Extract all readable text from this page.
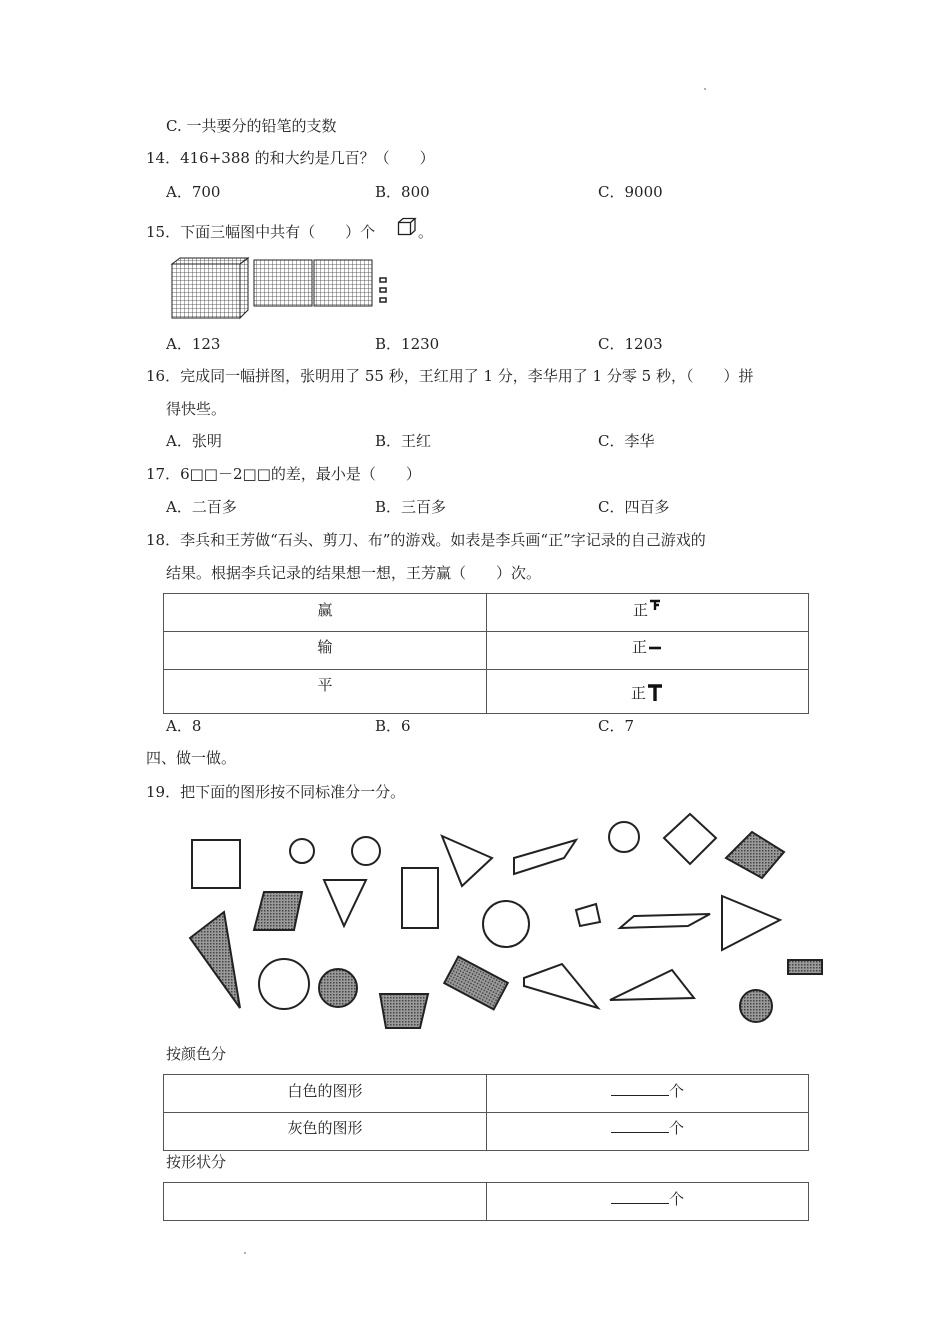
C. 一共要分的铅笔的支数
14．416+388 的和大约是几百？（　　）
A．700	B．800	C．9000
15．下面三幅图中共有（　　）个	。
A．123	B．1230	C．1203
16．完成同一幅拼图，张明用了 55 秒，王红用了 1 分，李华用了 1 分零 5 秒，（　　）拼
得快些。
A．张明	B．王红	C．李华
17．6□□－2□□的差，最小是（　　）
A．二百多	B．三百多	C．四百多
18．李兵和王芳做“石头、剪刀、布”的游戏。如表是李兵画“正”字记录的自己游戏的
结果。根据李兵记录的结果想一想，王芳赢（　　）次。
赢	正
输	正
平	正
A．8	B．6	C．7
四、做一做。
19．把下面的图形按不同标准分一分。
按颜色分
白色的图形	个
灰色的图形	个
按形状分
	个
